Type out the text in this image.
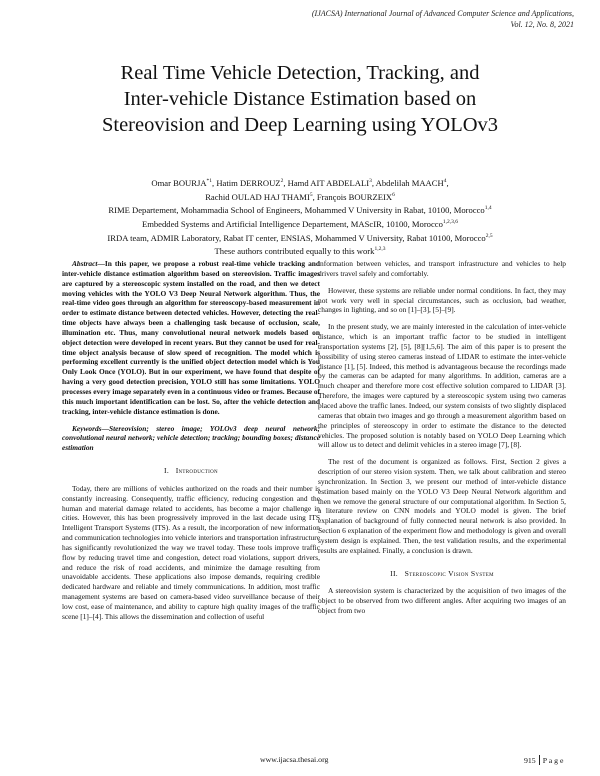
(IJACSA) International Journal of Advanced Computer Science and Applications,
Vol. 12, No. 8, 2021
Real Time Vehicle Detection, Tracking, and
Inter-vehicle Distance Estimation based on
Stereovision and Deep Learning using YOLOv3
Omar BOURJA$^{*1}$, Hatim DERROUZ$^2$, Hamd AIT ABDELALI$^3$, Abdelilah MAACH$^4$,
Rachid OULAD HAJ THAMI$^5$, François BOURZEIX$^6$
RIME Departement, Mohammadia School of Engineers, Mohammed V University in Rabat, 10100, Morocco$^{1,4}$
Embedded Systems and Artificial Intelligence Departement, MAScIR, 10100, Morocco$^{1,2,3,6}$
IRDA team, ADMIR Laboratory, Rabat IT center, ENSIAS, Mohammed V University, Rabat 10100, Morocco$^{2,5}$
These authors contributed equally to this work$^{1,2,3}$

Abstract—In this paper, we propose a robust real-time vehicle tracking and inter-vehicle distance estimation algorithm based on stereovision. Traffic images are captured by a stereoscopic system installed on the road, and then we detect moving vehicles with the YOLO V3 Deep Neural Network algorithm. Thus, the real-time video goes through an algorithm for stereoscopy-based measurement in order to estimate distance between detected vehicles. However, detecting the real-time objects have always been a challenging task because of occlusion, scale, illumination etc. Thus, many convolutional neural network models based on object detection were developed in recent years. But they cannot be used for real-time object analysis because of slow speed of recognition. The model which is performing excellent currently is the unified object detection model which is You Only Look Once (YOLO). But in our experiment, we have found that despite of having a very good detection precision, YOLO still has some limitations. YOLO processes every image separately even in a continuous video or frames. Because of this much important identification can be lost. So, after the vehicle detection and tracking, inter-vehicle distance estimation is done.

Keywords—Stereovision; stereo image; YOLOv3 deep neural network; convolutional neural network; vehicle detection; tracking; bounding boxes; distance estimation

I. Introduction

Today, there are millions of vehicles authorized on the roads and their number is constantly increasing. Consequently, traffic efficiency, reducing congestion and the human and material damage related to accidents, has become a major challenge in cities. However, this has been progressively improved in the last decade using ITS Intelligent Transport Systems (ITS). As a result, the incorporation of new information and communication technologies into vehicle interiors and transportation infrastructure has significantly revolutionized the way we travel today. These tools improve traffic flow by reducing travel time and congestion, detect road violations, support drivers, and reduce the risk of road accidents, and minimize the damage resulting from unavoidable accidents. These applications also impose demands, requiring credible dedicated hardware and reliable and timely communications. In addition, most traffic management systems are based on camera-based video surveillance because of their low cost, ease of maintenance, and ability to capture high quality images of the traffic scene [1]–[4]. This allows the dissemination and collection of useful

information between vehicles, and transport infrastructure and vehicles to help drivers travel safely and comfortably.

However, these systems are reliable under normal conditions. In fact, they may not work very well in special circumstances, such as occlusion, bad weather, changes in lighting, and so on [1]–[3], [5]–[9].

In the present study, we are mainly interested in the calculation of inter-vehicle distance, which is an important traffic factor to be studied in intelligent transportation systems [2], [5], [8][1,5,6]. The aim of this paper is to present the possibility of using stereo cameras instead of LIDAR to estimate the inter-vehicle distance [1], [5]. Indeed, this method is advantageous because the recordings made by the cameras can be adapted for many algorithms. In addition, cameras are a much cheaper and therefore more cost effective solution compared to LIDAR [3]. Therefore, the images were captured by a stereoscopic system using two cameras placed above the traffic lanes. Indeed, our system consists of two slightly displaced cameras that obtain two images and go through a measurement algorithm based on the principles of stereoscopy in order to estimate the distance to the detected vehicles. The proposed solution is notably based on YOLO Deep Learning which will allow us to detect and delimit vehicles in a stereo image [7], [8].

The rest of the document is organized as follows. First, Section 2 gives a description of our stereo vision system. Then, we talk about calibration and stereo synchronization. In Section 3, we present our method of inter-vehicle distance estimation based mainly on the YOLO V3 Deep Neural Network algorithm and then we remove the general structure of our computational algorithm. In Section 5, a literature review on CNN models and YOLO model is given. The brief explanation of background of fully connected neural network is also provided. In Section 6 explanation of the experiment flow and methodology is given and overall system design is explained. Then, the test validation results, and the experimental results are explained. Finally, a conclusion is drawn.

II. Stereoscopic Vision System

A stereovision system is characterized by the acquisition of two images of the object to be observed from two different angles. After acquiring two images of an object from two

www.ijacsa.thesai.org	915 P a g e
